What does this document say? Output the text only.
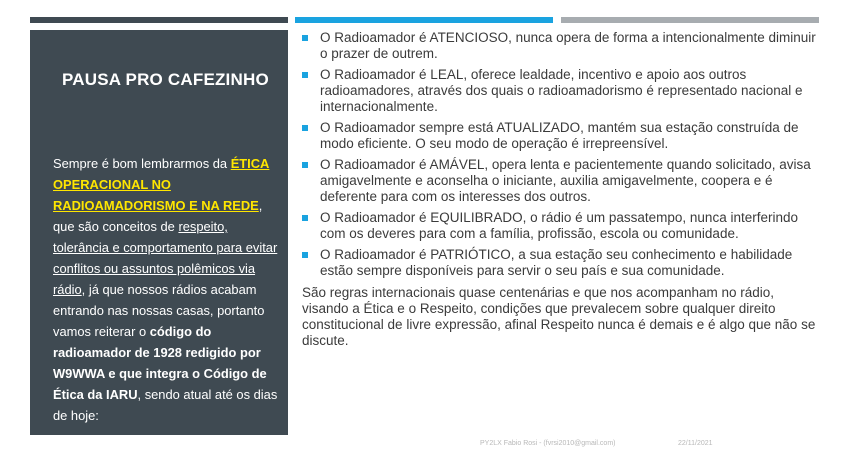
PAUSA PRO CAFEZINHO
Sempre é bom lembrarmos da ÉTICA OPERACIONAL NO RADIOAMADORISMO E NA REDE, que são conceitos de respeito, tolerância e comportamento para evitar conflitos ou assuntos polêmicos via rádio, já que nossos rádios acabam entrando nas nossas casas, portanto vamos reiterar o código do radioamador de 1928 redigido por W9WWA e que integra o Código de Ética da IARU, sendo atual até os dias de hoje:
O Radioamador é ATENCIOSO, nunca opera de forma a intencionalmente diminuir o prazer de outrem.
O Radioamador é LEAL, oferece lealdade, incentivo e apoio aos outros radioamadores, através dos quais o radioamadorismo é representado nacional e internacionalmente.
O Radioamador sempre está ATUALIZADO, mantém sua estação construída de modo eficiente. O seu modo de operação é irrepreensível.
O Radioamador é AMÁVEL, opera lenta e pacientemente quando solicitado, avisa amigavelmente e aconselha o iniciante, auxilia amigavelmente, coopera e é deferente para com os interesses dos outros.
O Radioamador é EQUILIBRADO, o rádio é um passatempo, nunca interferindo com os deveres para com a família, profissão, escola ou comunidade.
O Radioamador é PATRIÓTICO, a sua estação seu conhecimento e habilidade estão sempre disponíveis para servir o seu país e sua comunidade.
São regras internacionais quase centenárias e que nos acompanham no rádio, visando a Ética e o Respeito, condições que prevalecem sobre qualquer direito constitucional de livre expressão, afinal Respeito nunca é demais e é algo que não se discute.
PY2LX Fabio Rosi - (fvrsi2010@gmail.com)	22/11/2021
